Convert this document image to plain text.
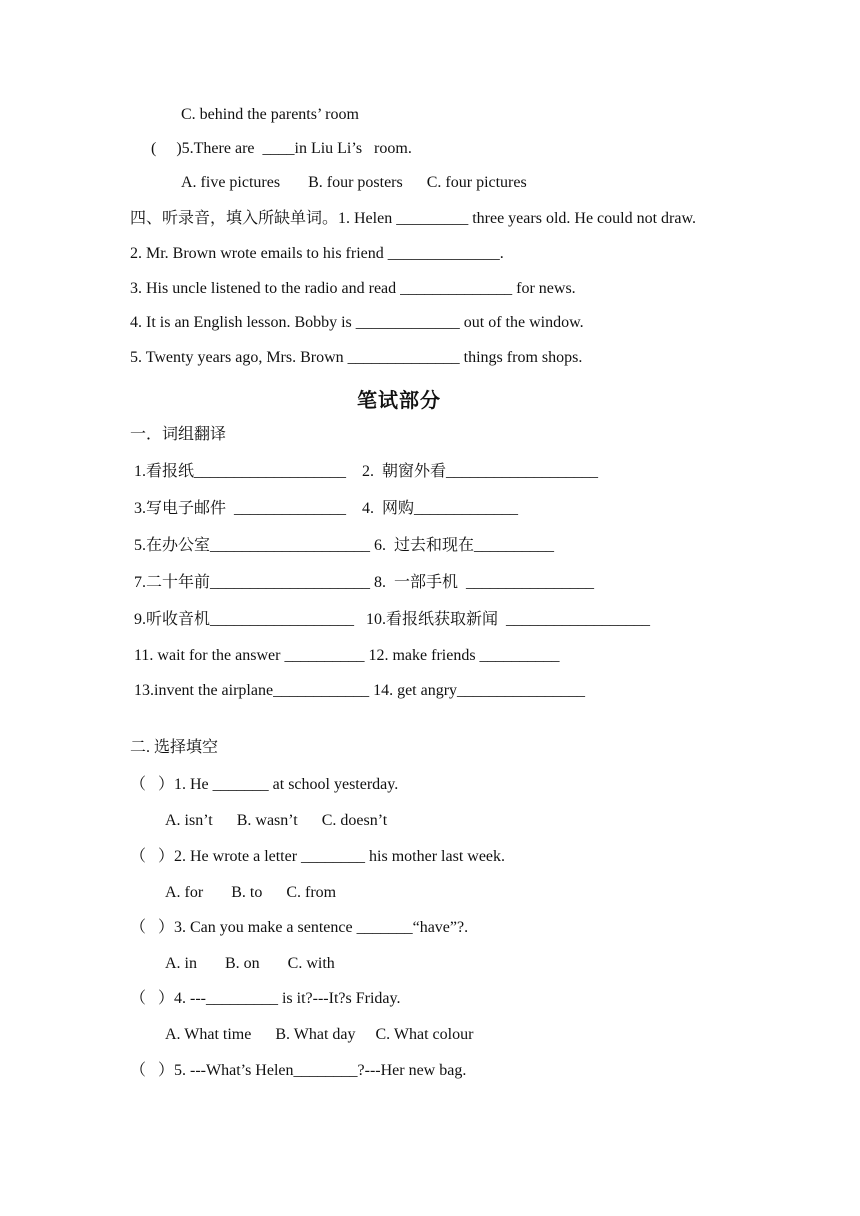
C. behind the parents’ room
(     )5.There are  ____in Liu Li’s   room.
A. five pictures       B. four posters      C. four pictures
四、听录音，填入所缺单词。1. Helen _________ three years old. He could not draw.
2. Mr. Brown wrote emails to his friend ______________.
3. His uncle listened to the radio and read ______________ for news.
4. It is an English lesson. Bobby is _____________ out of the window.
5. Twenty years ago, Mrs. Brown ______________ things from shops.
笔试部分
一．词组翻译
1.看报纸___________________    2.  朝窗外看___________________
3.写电子邮件  ______________    4.  网购_____________
5.在办公室____________________ 6.  过去和现在__________
7.二十年前____________________ 8.  一部手机  ________________
9.听收音机__________________   10.看报纸获取新闻  __________________
11. wait for the answer __________ 12. make friends __________
13.invent the airplane____________ 14. get angry________________
二. 选择填空
（   ）1. He _______ at school yesterday.
A. isn’t      B. wasn’t      C. doesn’t
（   ）2. He wrote a letter ________ his mother last week.
A. for       B. to      C. from
（   ）3. Can you make a sentence _______“have”?.
A. in       B. on       C. with
（   ）4. ---_________ is it?---It?s Friday.
A. What time      B. What day     C. What colour
（   ）5. ---What’s Helen________?---Her new bag.
